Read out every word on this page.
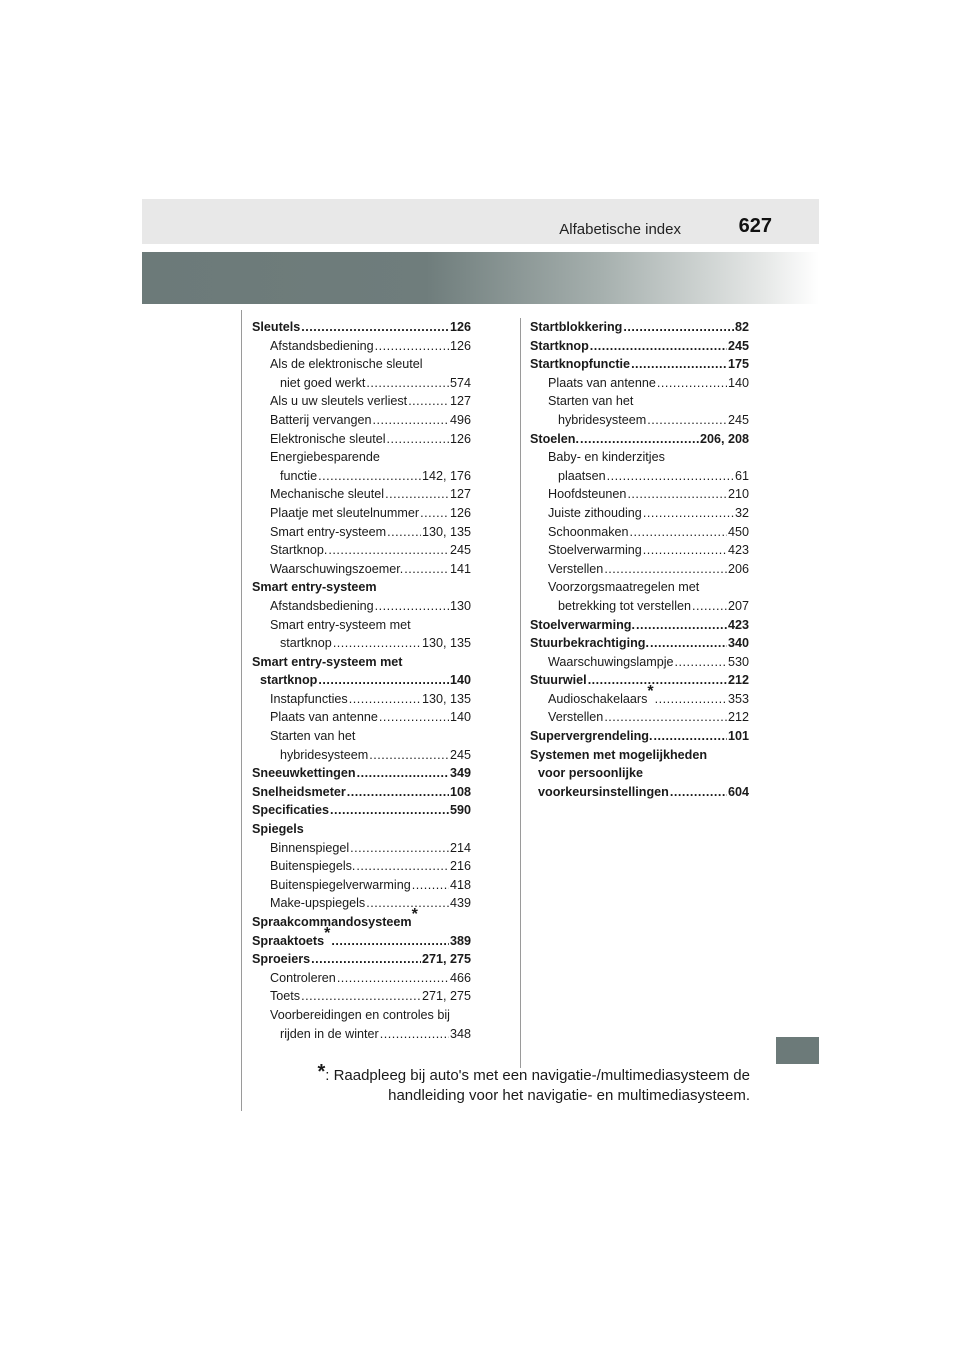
Alfabetische index	627
Sleutels .....	126
Afstandsbediening .....	126
Als de elektronische sleutel
niet goed werkt .....	574
Als u uw sleutels verliest .....	127
Batterij vervangen .....	496
Elektronische sleutel .....	126
Energiebesparende
functie .....	142, 176
Mechanische sleutel .....	127
Plaatje met sleutelnummer ..... 126
Smart entry-systeem .....	130, 135
Startknop. .....	245
Waarschuwingszoemer. .....	141
Smart entry-systeem
Afstandsbediening .....	130
Smart entry-systeem met
startknop .....	130, 135
Smart entry-systeem met
startknop .....	140
Instapfuncties .....	130, 135
Plaats van antenne .....	140
Starten van het
hybridesysteem .....	245
Sneeuwkettingen .....	349
Snelheidsmeter .....	108
Specificaties .....	590
Spiegels
Binnenspiegel .....	214
Buitenspiegels. .....	216
Buitenspiegelverwarming .....	418
Make-upspiegels .....	439
Spraakcommandosysteem*
Spraaktoets* .....	389
Sproeiers .....	271, 275
Controleren .....	466
Toets .....	271, 275
Voorbereidingen en controles bij
rijden in de winter .....	348
Startblokkering .....	82
Startknop .....	245
Startknopfunctie .....	175
Plaats van antenne .....	140
Starten van het
hybridesysteem .....	245
Stoelen. .....	206, 208
Baby- en kinderzitjes
plaatsen .....	61
Hoofdsteunen .....	210
Juiste zithouding .....	32
Schoonmaken .....	450
Stoelverwarming .....	423
Verstellen .....	206
Voorzorgsmaatregelen met
betrekking tot verstellen .....	207
Stoelverwarming. .....	423
Stuurbekrachtiging. .....	340
Waarschuwingslampje .....	530
Stuurwiel .....	212
Audioschakelaars* .....	353
Verstellen .....	212
Supervergrendeling. .....	101
Systemen met mogelijkheden
voor persoonlijke
voorkeursinstellingen .....	604
*: Raadpleeg bij auto's met een navigatie-/multimediasysteem de
handleiding voor het navigatie- en multimediasysteem.
